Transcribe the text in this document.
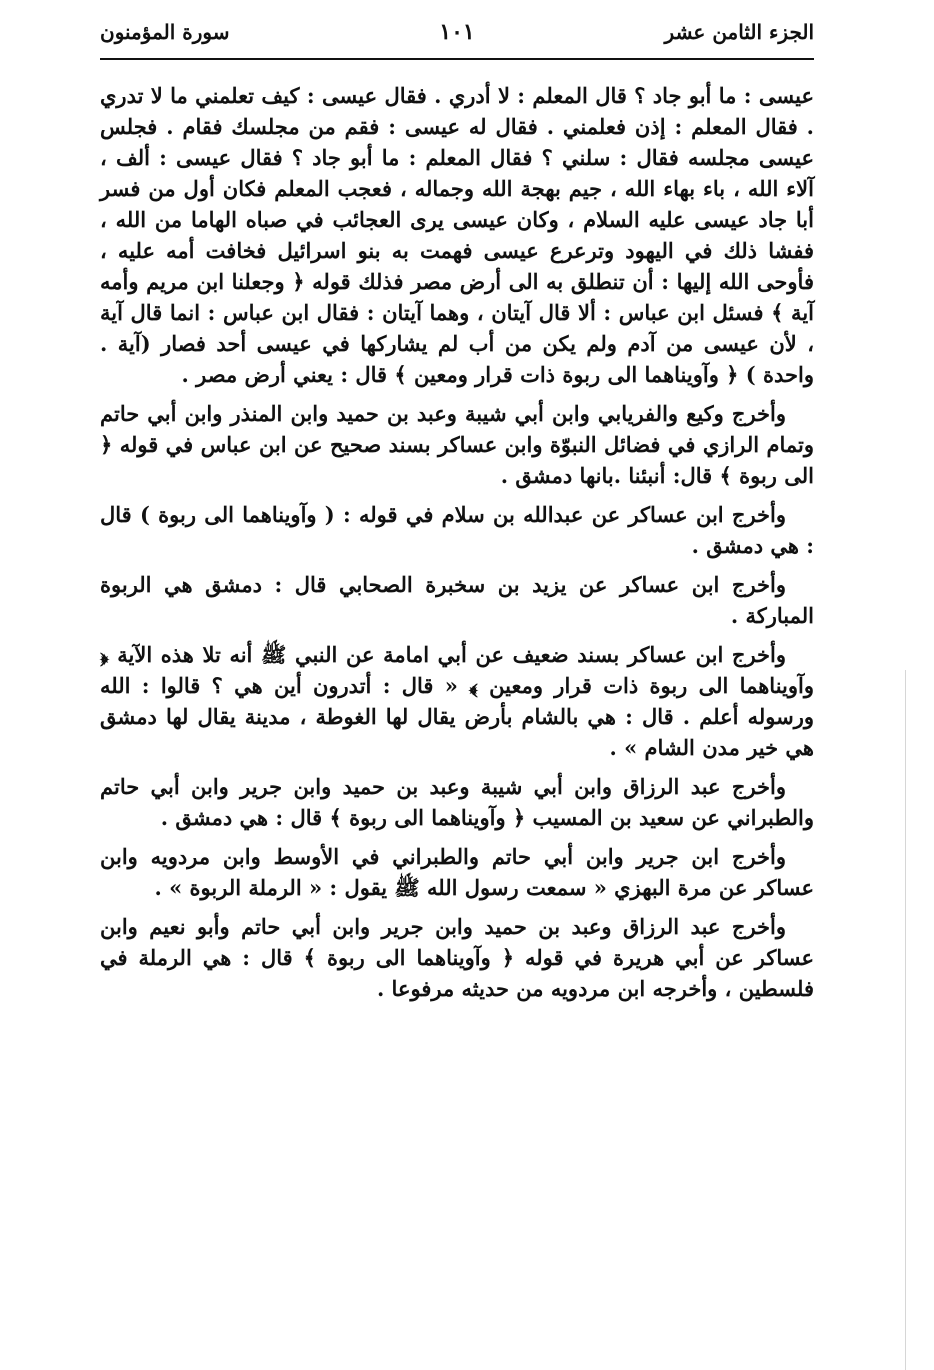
الجزء الثامن عشر
١٠١
سورة المؤمنون

عيسى : ما أبو جاد ؟ قال المعلم : لا أدري . فقال عيسى : كيف تعلمني ما لا تدري . فقال المعلم : إذن فعلمني . فقال له عيسى : فقم من مجلسك فقام . فجلس عيسى مجلسه فقال : سلني ؟ فقال المعلم : ما أبو جاد ؟ فقال عيسى : ألف ، آلاء الله ، باء بهاء الله ، جيم بهجة الله وجماله ، فعجب المعلم فكان أول من فسر أبا جاد عيسى عليه السلام ، وكان عيسى يرى العجائب في صباه الهاما من الله ، ففشا ذلك في اليهود وترعرع عيسى فهمت به بنو اسرائيل فخافت أمه عليه ، فأوحى الله إليها : أن تنطلق به الى أرض مصر فذلك قوله ﴿ وجعلنا ابن مريم وأمه آية ﴾ فسئل ابن عباس : ألا قال آيتان ، وهما آيتان : فقال ابن عباس : انما قال آية ، لأن عيسى من آدم ولم يكن من أب لم يشاركها في عيسى أحد فصار (آية . واحدة ) ﴿ وآويناهما الى ربوة ذات قرار ومعين ﴾ قال : يعني أرض مصر .

وأخرج وكيع والفريابي وابن أبي شيبة وعبد بن حميد وابن المنذر وابن أبي حاتم وتمام الرازي في فضائل النبوّة وابن عساكر بسند صحيح عن ابن عباس في قوله ﴿ الى ربوة ﴾ قال: أنبئنا .بانها دمشق .

وأخرج ابن عساكر عن عبدالله بن سلام في قوله : ( وآويناهما الى ربوة ) قال : هي دمشق .

وأخرج ابن عساكر عن يزيد بن سخبرة الصحابي قال : دمشق هي الربوة المباركة .

وأخرج ابن عساكر بسند ضعيف عن أبي امامة عن النبي ﷺ أنه تلا هذه الآية ﴿ وآويناهما الى ربوة ذات قرار ومعين ﴾ « قال : أتدرون أين هي ؟ قالوا : الله ورسوله أعلم . قال : هي بالشام بأرض يقال لها الغوطة ، مدينة يقال لها دمشق هي خير مدن الشام » .

وأخرج عبد الرزاق وابن أبي شيبة وعبد بن حميد وابن جرير وابن أبي حاتم والطبراني عن سعيد بن المسيب ﴿ وآويناهما الى ربوة ﴾ قال : هي دمشق .

وأخرج ابن جرير وابن أبي حاتم والطبراني في الأوسط وابن مردويه وابن عساكر عن مرة البهزي « سمعت رسول الله ﷺ يقول : « الرملة الربوة » .

وأخرج عبد الرزاق وعبد بن حميد وابن جرير وابن أبي حاتم وأبو نعيم وابن عساكر عن أبي هريرة في قوله ﴿ وآويناهما الى ربوة ﴾ قال : هي الرملة في فلسطين ، وأخرجه ابن مردويه من حديثه مرفوعا .
